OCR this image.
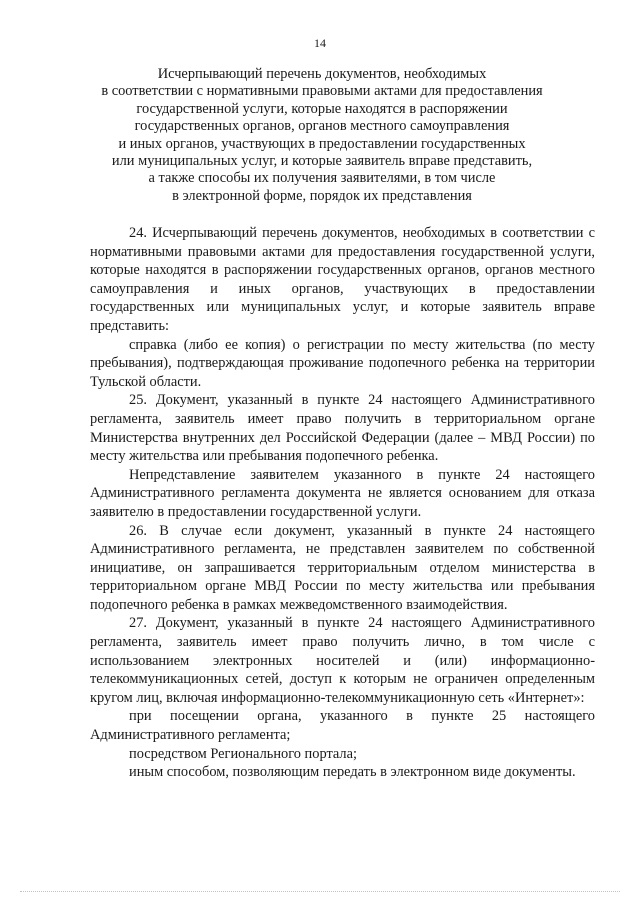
14
Исчерпывающий перечень документов, необходимых
в соответствии с нормативными правовыми актами для предоставления
государственной услуги, которые находятся в распоряжении
государственных органов, органов местного самоуправления
и иных органов, участвующих в предоставлении государственных
или муниципальных услуг, и которые заявитель вправе представить,
а также способы их получения заявителями, в том числе
в электронной форме, порядок их представления

24. Исчерпывающий перечень документов, необходимых в соответствии с нормативными правовыми актами для предоставления государственной услуги, которые находятся в распоряжении государственных органов, органов местного самоуправления и иных органов, участвующих в предоставлении государственных или муниципальных услуг, и которые заявитель вправе представить:

справка (либо ее копия) о регистрации по месту жительства (по месту пребывания), подтверждающая проживание подопечного ребенка на территории Тульской области.

25. Документ, указанный в пункте 24 настоящего Административного регламента, заявитель имеет право получить в территориальном органе Министерства внутренних дел Российской Федерации (далее – МВД России) по месту жительства или пребывания подопечного ребенка.

Непредставление заявителем указанного в пункте 24 настоящего Административного регламента документа не является основанием для отказа заявителю в предоставлении государственной услуги.

26. В случае если документ, указанный в пункте 24 настоящего Административного регламента, не представлен заявителем по собственной инициативе, он запрашивается территориальным отделом министерства в территориальном органе МВД России по месту жительства или пребывания подопечного ребенка в рамках межведомственного взаимодействия.

27. Документ, указанный в пункте 24 настоящего Административного регламента, заявитель имеет право получить лично, в том числе с использованием электронных носителей и (или) информационно-телекоммуникационных сетей, доступ к которым не ограничен определенным кругом лиц, включая информационно-телекоммуникационную сеть «Интернет»:

при посещении органа, указанного в пункте 25 настоящего Административного регламента;

посредством Регионального портала;

иным способом, позволяющим передать в электронном виде документы.
